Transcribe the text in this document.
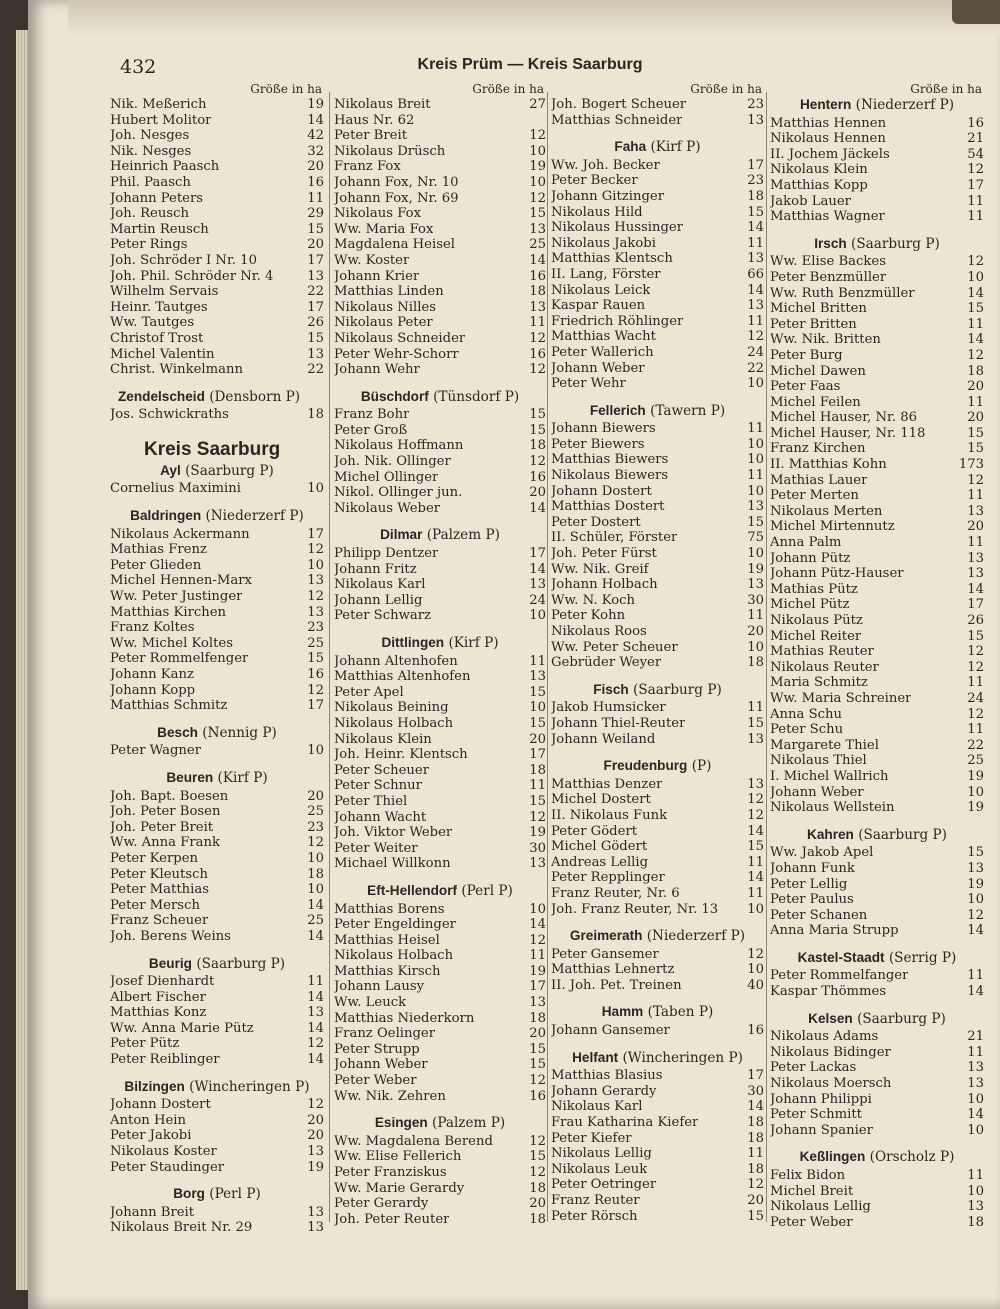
432	Kreis Prüm — Kreis Saarburg
Größe in ha
Nik. Meßerich	19
Hubert Molitor	14
Joh. Nesges	42
Nik. Nesges	32
Heinrich Paasch	20
Phil. Paasch	16
Johann Peters	11
Joh. Reusch	29
Martin Reusch	15
Peter Rings	20
Joh. Schröder I Nr. 10	17
Joh. Phil. Schröder Nr. 4	13
Wilhelm Servais	22
Heinr. Tautges	17
Ww. Tautges	26
Christof Trost	15
Michel Valentin	13
Christ. Winkelmann	22
Zendelscheid (Densborn P)
Jos. Schwickraths	18
Kreis Saarburg
Ayl (Saarburg P)
Cornelius Maximini	10
Baldringen (Niederzerf P)
Nikolaus Ackermann	17
Mathias Frenz	12
Peter Glieden	10
Michel Hennen-Marx	13
Ww. Peter Justinger	12
Matthias Kirchen	13
Franz Koltes	23
Ww. Michel Koltes	25
Peter Rommelfenger	15
Johann Kanz	16
Johann Kopp	12
Matthias Schmitz	17
Besch (Nennig P)
Peter Wagner	10
Beuren (Kirf P)
Joh. Bapt. Boesen	20
Joh. Peter Bosen	25
Joh. Peter Breit	23
Ww. Anna Frank	12
Peter Kerpen	10
Peter Kleutsch	18
Peter Matthias	10
Peter Mersch	14
Franz Scheuer	25
Joh. Berens Weins	14
Beurig (Saarburg P)
Josef Dienhardt	11
Albert Fischer	14
Matthias Konz	13
Ww. Anna Marie Pütz	14
Peter Pütz	12
Peter Reiblinger	14
Bilzingen (Wincheringen P)
Johann Dostert	12
Anton Hein	20
Peter Jakobi	20
Nikolaus Koster	13
Peter Staudinger	19
Borg (Perl P)
Johann Breit	13
Nikolaus Breit Nr. 29	13
Größe in ha
Nikolaus Breit	27
Haus Nr. 62
Peter Breit	12
Nikolaus Drüsch	10
Franz Fox	19
Johann Fox, Nr. 10	10
Johann Fox, Nr. 69	12
Nikolaus Fox	15
Ww. Maria Fox	13
Magdalena Heisel	25
Ww. Koster	14
Johann Krier	16
Matthias Linden	18
Nikolaus Nilles	13
Nikolaus Peter	11
Nikolaus Schneider	12
Peter Wehr-Schorr	16
Johann Wehr	12
Büschdorf (Tünsdorf P)
Franz Bohr	15
Peter Groß	15
Nikolaus Hoffmann	18
Joh. Nik. Ollinger	12
Michel Ollinger	16
Nikol. Ollinger jun.	20
Nikolaus Weber	14
Dilmar (Palzem P)
Philipp Dentzer	17
Johann Fritz	14
Nikolaus Karl	13
Johann Lellig	24
Peter Schwarz	10
Dittlingen (Kirf P)
Johann Altenhofen	11
Matthias Altenhofen	13
Peter Apel	15
Nikolaus Beining	10
Nikolaus Holbach	15
Nikolaus Klein	20
Joh. Heinr. Klentsch	17
Peter Scheuer	18
Peter Schnur	11
Peter Thiel	15
Johann Wacht	12
Joh. Viktor Weber	19
Peter Weiter	30
Michael Willkonn	13
Eft-Hellendorf (Perl P)
Matthias Borens	10
Peter Engeldinger	14
Matthias Heisel	12
Nikolaus Holbach	11
Matthias Kirsch	19
Johann Lausy	17
Ww. Leuck	13
Matthias Niederkorn	18
Franz Oelinger	20
Peter Strupp	15
Johann Weber	15
Peter Weber	12
Ww. Nik. Zehren	16
Esingen (Palzem P)
Ww. Magdalena Berend	12
Ww. Elise Fellerich	15
Peter Franziskus	12
Ww. Marie Gerardy	18
Peter Gerardy	20
Joh. Peter Reuter	18
Größe in ha
Joh. Bogert Scheuer	23
Matthias Schneider	13
Faha (Kirf P)
Ww. Joh. Becker	17
Peter Becker	23
Johann Gitzinger	18
Nikolaus Hild	15
Nikolaus Hussinger	14
Nikolaus Jakobi	11
Matthias Klentsch	13
II. Lang, Förster	66
Nikolaus Leick	14
Kaspar Rauen	13
Friedrich Röhlinger	11
Matthias Wacht	12
Peter Wallerich	24
Johann Weber	22
Peter Wehr	10
Fellerich (Tawern P)
Johann Biewers	11
Peter Biewers	10
Matthias Biewers	10
Nikolaus Biewers	11
Johann Dostert	10
Matthias Dostert	13
Peter Dostert	15
II. Schüler, Förster	75
Joh. Peter Fürst	10
Ww. Nik. Greif	19
Johann Holbach	13
Ww. N. Koch	30
Peter Kohn	11
Nikolaus Roos	20
Ww. Peter Scheuer	10
Gebrüder Weyer	18
Fisch (Saarburg P)
Jakob Humsicker	11
Johann Thiel-Reuter	15
Johann Weiland	13
Freudenburg (P)
Matthias Denzer	13
Michel Dostert	12
II. Nikolaus Funk	12
Peter Gödert	14
Michel Gödert	15
Andreas Lellig	11
Peter Repplinger	14
Franz Reuter, Nr. 6	11
Joh. Franz Reuter, Nr. 13	10
Greimerath (Niederzerf P)
Peter Gansemer	12
Matthias Lehnertz	10
II. Joh. Pet. Treinen	40
Hamm (Taben P)
Johann Gansemer	16
Helfant (Wincheringen P)
Matthias Blasius	17
Johann Gerardy	30
Nikolaus Karl	14
Frau Katharina Kiefer	18
Peter Kiefer	18
Nikolaus Lellig	11
Nikolaus Leuk	18
Peter Oetringer	12
Franz Reuter	20
Peter Rörsch	15
Größe in ha
Hentern (Niederzerf P)
Matthias Hennen	16
Nikolaus Hennen	21
II. Jochem Jäckels	54
Nikolaus Klein	12
Matthias Kopp	17
Jakob Lauer	11
Matthias Wagner	11
Irsch (Saarburg P)
Ww. Elise Backes	12
Peter Benzmüller	10
Ww. Ruth Benzmüller	14
Michel Britten	15
Peter Britten	11
Ww. Nik. Britten	14
Peter Burg	12
Michel Dawen	18
Peter Faas	20
Michel Feilen	11
Michel Hauser, Nr. 86	20
Michel Hauser, Nr. 118	15
Franz Kirchen	15
II. Matthias Kohn	173
Mathias Lauer	12
Peter Merten	11
Nikolaus Merten	13
Michel Mirtennutz	20
Anna Palm	11
Johann Pütz	13
Johann Pütz-Hauser	13
Mathias Pütz	14
Michel Pütz	17
Nikolaus Pütz	26
Michel Reiter	15
Mathias Reuter	12
Nikolaus Reuter	12
Maria Schmitz	11
Ww. Maria Schreiner	24
Anna Schu	12
Peter Schu	11
Margarete Thiel	22
Nikolaus Thiel	25
I. Michel Wallrich	19
Johann Weber	10
Nikolaus Wellstein	19
Kahren (Saarburg P)
Ww. Jakob Apel	15
Johann Funk	13
Peter Lellig	19
Peter Paulus	10
Peter Schanen	12
Anna Maria Strupp	14
Kastel-Staadt (Serrig P)
Peter Rommelfanger	11
Kaspar Thömmes	14
Kelsen (Saarburg P)
Nikolaus Adams	21
Nikolaus Bidinger	11
Peter Lackas	13
Nikolaus Moersch	13
Johann Philippi	10
Peter Schmitt	14
Johann Spanier	10
Keßlingen (Orscholz P)
Felix Bidon	11
Michel Breit	10
Nikolaus Lellig	13
Peter Weber	18
